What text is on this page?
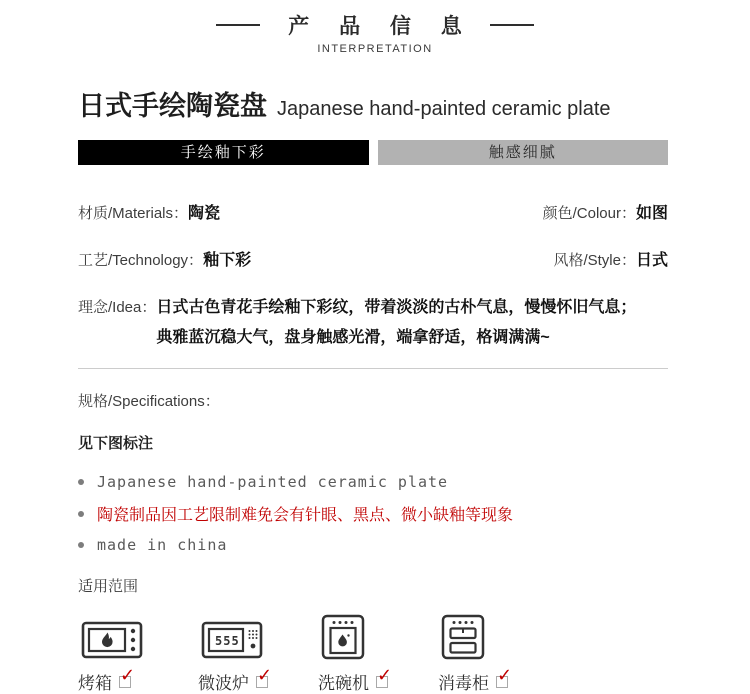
产 品 信 息
INTERPRETATION
日式手绘陶瓷盘 Japanese hand-painted ceramic plate
手绘釉下彩	触感细腻
材质/Materials：陶瓷	颜色/Colour：如图
工艺/Technology：釉下彩	风格/Style：日式
理念/Idea： 日式古色青花手绘釉下彩纹，带着淡淡的古朴气息，慢慢怀旧气息；
典雅蓝沉稳大气，盘身触感光滑，端拿舒适，格调满满~
规格/Specifications：
见下图标注
Japanese hand-painted ceramic plate
陶瓷制品因工艺限制难免会有针眼、黑点、微小缺釉等现象
made in china
适用范围
烤箱 ✓
555
微波炉 ✓	洗碗机 ✓	消毒柜 ✓
